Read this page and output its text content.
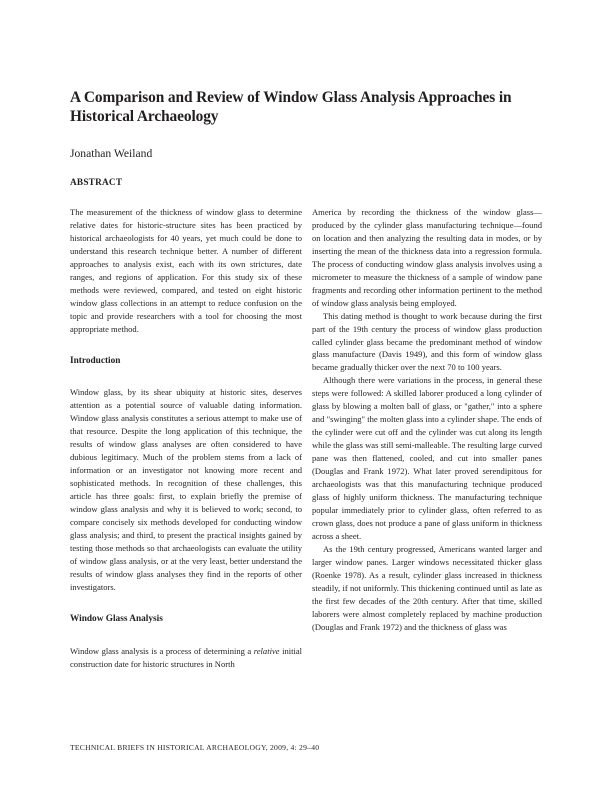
A Comparison and Review of Window Glass Analysis Approaches in Historical Archaeology

Jonathan Weiland

ABSTRACT

The measurement of the thickness of window glass to determine relative dates for historic-structure sites has been practiced by historical archaeologists for 40 years, yet much could be done to understand this research technique better. A number of different approaches to analysis exist, each with its own strictures, date ranges, and regions of application. For this study six of these methods were reviewed, compared, and tested on eight historic window glass collections in an attempt to reduce confusion on the topic and provide researchers with a tool for choosing the most appropriate method.

Introduction

Window glass, by its shear ubiquity at historic sites, deserves attention as a potential source of valuable dating information. Window glass analysis constitutes a serious attempt to make use of that resource. Despite the long application of this technique, the results of window glass analyses are often considered to have dubious legitimacy. Much of the problem stems from a lack of information or an investigator not knowing more recent and sophisticated methods. In recognition of these challenges, this article has three goals: first, to explain briefly the premise of window glass analysis and why it is believed to work; second, to compare concisely six methods developed for conducting window glass analysis; and third, to present the practical insights gained by testing those methods so that archaeologists can evaluate the utility of window glass analysis, or at the very least, better understand the results of window glass analyses they find in the reports of other investigators.

Window Glass Analysis

Window glass analysis is a process of determining a relative initial construction date for historic structures in North

America by recording the thickness of the window glass—produced by the cylinder glass manufacturing technique—found on location and then analyzing the resulting data in modes, or by inserting the mean of the thickness data into a regression formula. The process of conducting window glass analysis involves using a micrometer to measure the thickness of a sample of window pane fragments and recording other information pertinent to the method of window glass analysis being employed.

This dating method is thought to work because during the first part of the 19th century the process of window glass production called cylinder glass became the predominant method of window glass manufacture (Davis 1949), and this form of window glass became gradually thicker over the next 70 to 100 years.

Although there were variations in the process, in general these steps were followed: A skilled laborer produced a long cylinder of glass by blowing a molten ball of glass, or "gather," into a sphere and "swinging" the molten glass into a cylinder shape. The ends of the cylinder were cut off and the cylinder was cut along its length while the glass was still semi-malleable. The resulting large curved pane was then flattened, cooled, and cut into smaller panes (Douglas and Frank 1972). What later proved serendipitous for archaeologists was that this manufacturing technique produced glass of highly uniform thickness. The manufacturing technique popular immediately prior to cylinder glass, often referred to as crown glass, does not produce a pane of glass uniform in thickness across a sheet.

As the 19th century progressed, Americans wanted larger and larger window panes. Larger windows necessitated thicker glass (Roenke 1978). As a result, cylinder glass increased in thickness steadily, if not uniformly. This thickening continued until as late as the first few decades of the 20th century. After that time, skilled laborers were almost completely replaced by machine production (Douglas and Frank 1972) and the thickness of glass was

TECHNICAL BRIEFS IN HISTORICAL ARCHAEOLOGY, 2009, 4: 29–40
